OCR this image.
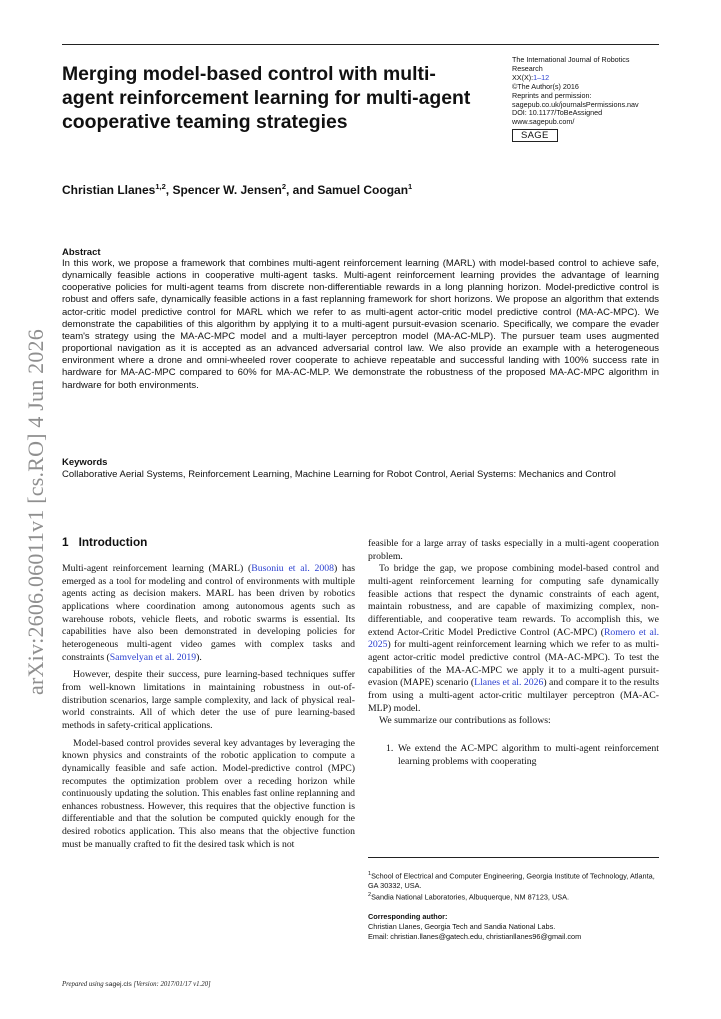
Merging model-based control with multi-agent reinforcement learning for multi-agent cooperative teaming strategies
The International Journal of Robotics Research
XX(X):1–12
©The Author(s) 2016
Reprints and permission:
sagepub.co.uk/journalsPermissions.nav
DOI: 10.1177/ToBeAssigned
www.sagepub.com/
SAGE
Christian Llanes$^{1,2}$, Spencer W. Jensen$^2$, and Samuel Coogan$^1$
Abstract

In this work, we propose a framework that combines multi-agent reinforcement learning (MARL) with model-based control to achieve safe, dynamically feasible actions in cooperative multi-agent tasks. Multi-agent reinforcement learning provides the advantage of learning cooperative policies for multi-agent teams from discrete non-differentiable rewards in a long planning horizon. Model-predictive control is robust and offers safe, dynamically feasible actions in a fast replanning framework for short horizons. We propose an algorithm that extends actor-critic model predictive control for MARL which we refer to as multi-agent actor-critic model predictive control (MA-AC-MPC). We demonstrate the capabilities of this algorithm by applying it to a multi-agent pursuit-evasion scenario. Specifically, we compare the evader team's strategy using the MA-AC-MPC model and a multi-layer perceptron model (MA-AC-MLP). The pursuer team uses augmented proportional navigation as it is accepted as an advanced adversarial control law. We also provide an example with a heterogeneous environment where a drone and omni-wheeled rover cooperate to achieve repeatable and successful landing with 100% success rate in hardware for MA-AC-MPC compared to 60% for MA-AC-MLP. We demonstrate the robustness of the proposed MA-AC-MPC algorithm in hardware for both environments.

Keywords

Collaborative Aerial Systems, Reinforcement Learning, Machine Learning for Robot Control, Aerial Systems: Mechanics and Control

arXiv:2606.06011v1 [cs.RO] 4 Jun 2026 1 Introduction

Multi-agent reinforcement learning (MARL) (Busoniu et al. 2008) has emerged as a tool for modeling and control of environments with multiple agents acting as decision makers. MARL has been driven by robotics applications where coordination among autonomous agents such as warehouse robots, vehicle fleets, and robotic swarms is essential. Its capabilities have also been demonstrated in developing policies for heterogeneous multi-agent video games with complex tasks and constraints (Samvelyan et al. 2019).

However, despite their success, pure learning-based techniques suffer from well-known limitations in maintaining robustness in out-of-distribution scenarios, large sample complexity, and lack of physical real-world constraints. All of which deter the use of pure learning-based methods in safety-critical applications.

Model-based control provides several key advantages by leveraging the known physics and constraints of the robotic application to compute a dynamically feasible and safe action. Model-predictive control (MPC) recomputes the optimization problem over a receding horizon while continuously updating the solution. This enables fast online replanning and enhances robustness. However, this requires that the objective function is differentiable and that the solution be computed quickly enough for the desired robotics application. This also means that the objective function must be manually crafted to fit the desired task which is not

feasible for a large array of tasks especially in a multi-agent cooperation problem.

To bridge the gap, we propose combining model-based control and multi-agent reinforcement learning for computing safe dynamically feasible actions that respect the dynamic constraints of each agent, maintain robustness, and are capable of maximizing complex, non-differentiable, and cooperative team rewards. To accomplish this, we extend Actor-Critic Model Predictive Control (AC-MPC) (Romero et al. 2025) for multi-agent reinforcement learning which we refer to as multi-agent actor-critic model predictive control (MA-AC-MPC). To test the capabilities of the MA-AC-MPC we apply it to a multi-agent pursuit-evasion (MAPE) scenario (Llanes et al. 2026) and compare it to the results from using a multi-agent actor-critic multilayer perceptron (MA-AC-MLP) model.

We summarize our contributions as follows:

1. We extend the AC-MPC algorithm to multi-agent reinforcement learning problems with cooperating

$^1$School of Electrical and Computer Engineering, Georgia Institute of Technology, Atlanta, GA 30332, USA.

$^2$Sandia National Laboratories, Albuquerque, NM 87123, USA.

Corresponding author:

Christian Llanes, Georgia Tech and Sandia National Labs.

Email: christian.llanes@gatech.edu, christianllanes96@gmail.com

Prepared using sagej.cls [Version: 2017/01/17 v1.20]
